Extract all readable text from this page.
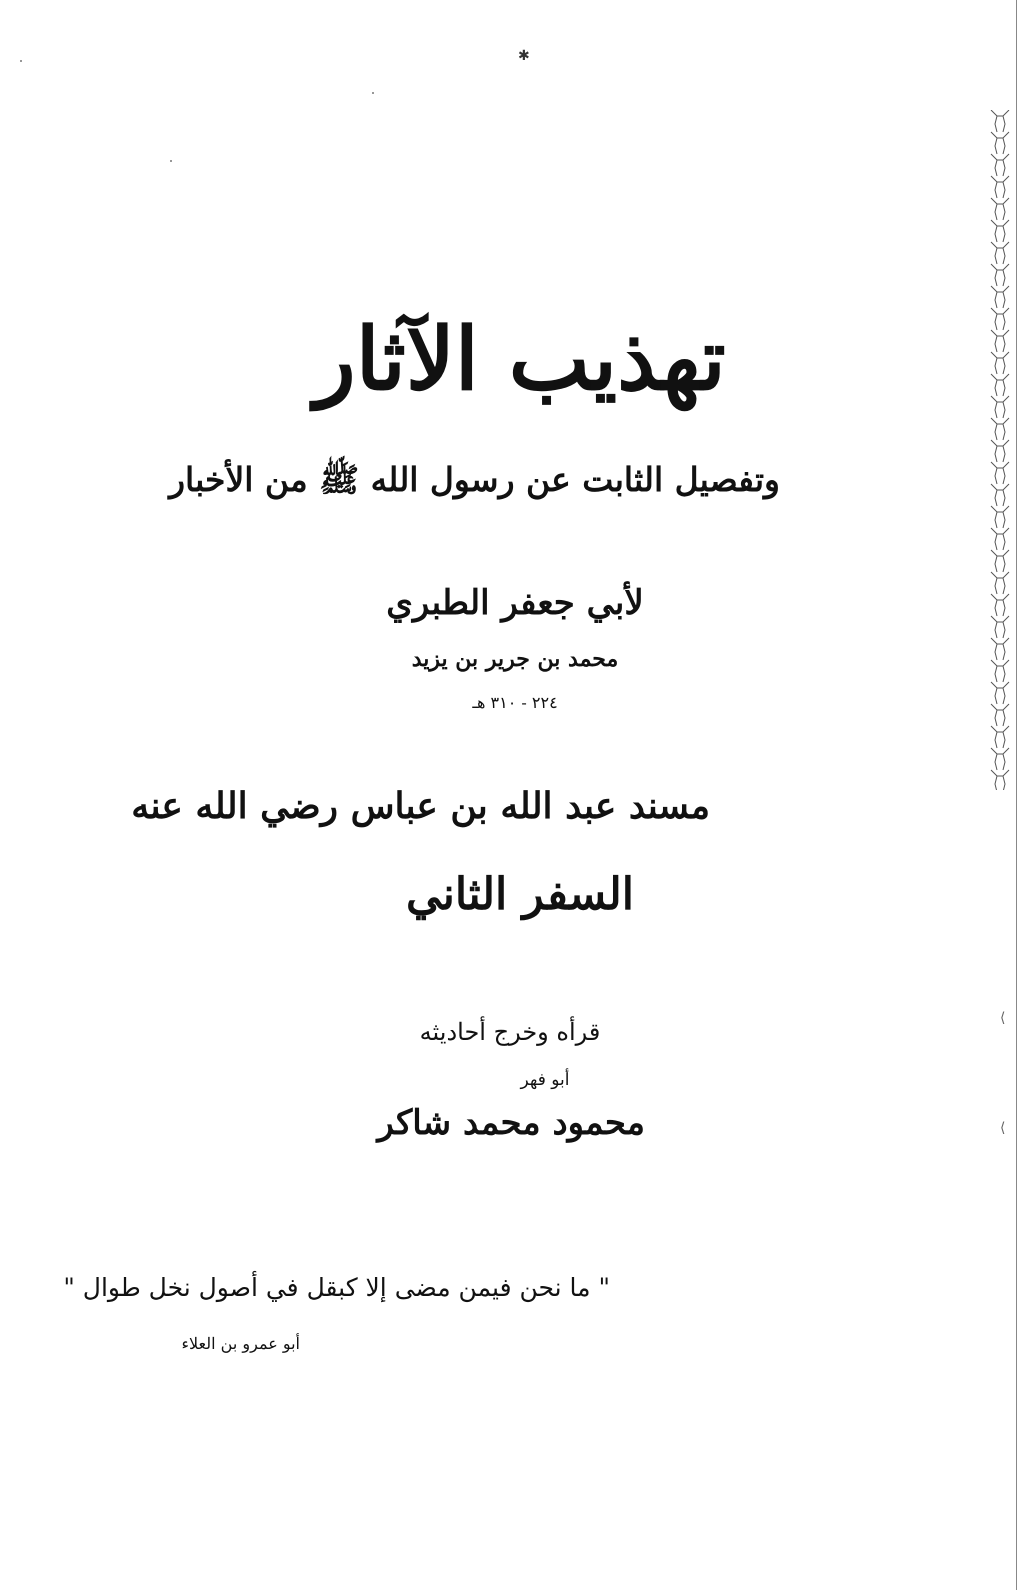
✱
⟨
⟨
تهذيب الآثار
وتفصيل الثابت عن رسول الله ﷺ من الأخبار
لأبي جعفر الطبري
محمد بن جرير بن يزيد
٢٢٤ - ٣١٠ هـ
مسند عبد الله بن عباس رضي الله عنه
السفر الثاني
قرأه وخرج أحاديثه
أبو فهر
محمود محمد شاكر
" ما نحن فيمن مضى إلا كبقل في أصول نخل طوال "
أبو عمرو بن العلاء
